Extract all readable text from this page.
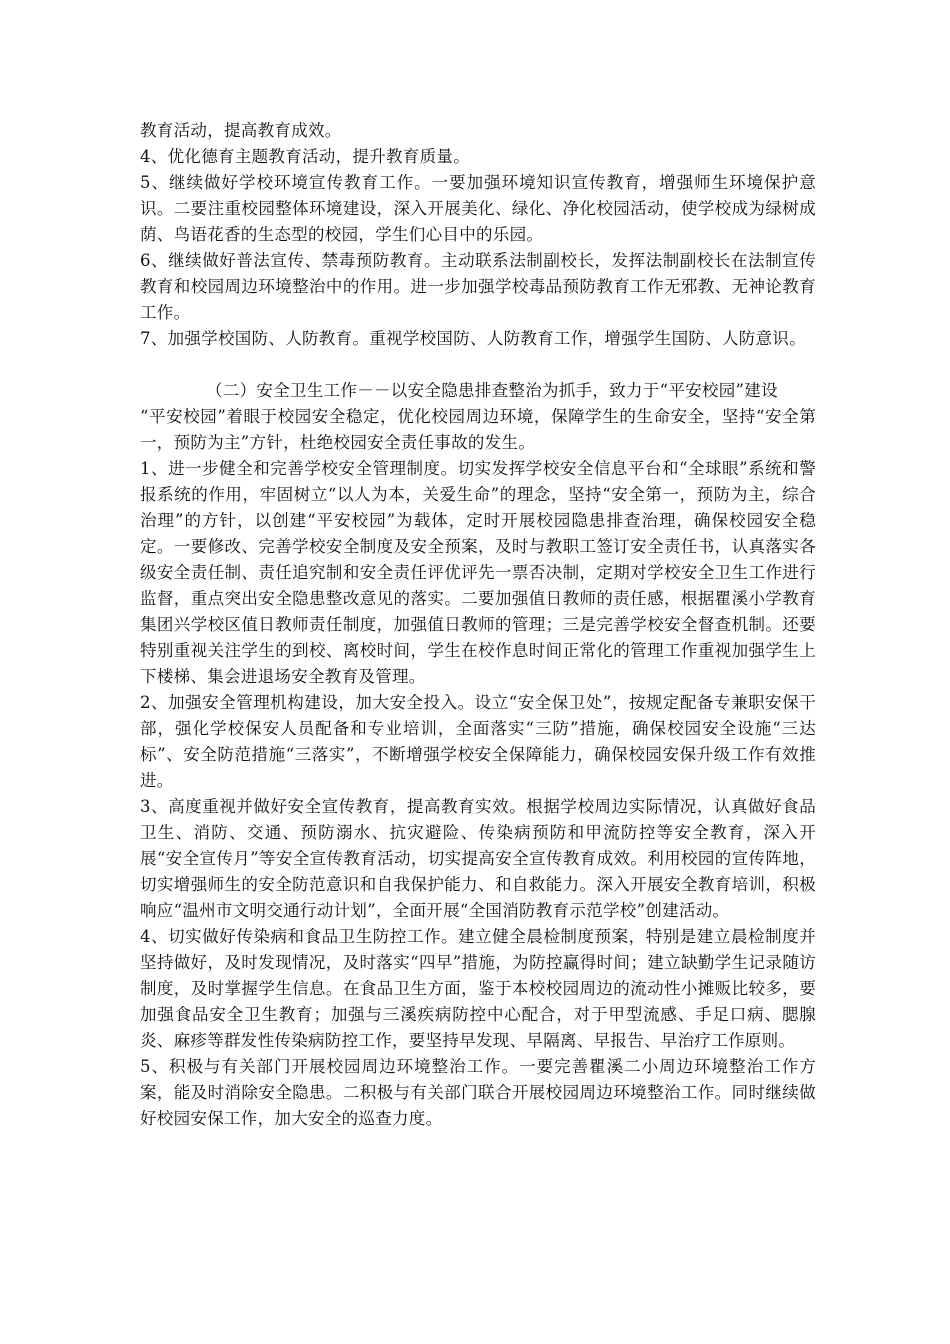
教育活动，提高教育成效。

4、优化德育主题教育活动，提升教育质量。

5、继续做好学校环境宣传教育工作。一要加强环境知识宣传教育，增强师生环境保护意识。二要注重校园整体环境建设，深入开展美化、绿化、净化校园活动，使学校成为绿树成荫、鸟语花香的生态型的校园，学生们心目中的乐园。

6、继续做好普法宣传、禁毒预防教育。主动联系法制副校长，发挥法制副校长在法制宣传教育和校园周边环境整治中的作用。进一步加强学校毒品预防教育工作无邪教、无神论教育工作。

7、加强学校国防、人防教育。重视学校国防、人防教育工作，增强学生国防、人防意识。

（二）安全卫生工作－－以安全隐患排查整治为抓手，致力于“平安校园”建设

“平安校园”着眼于校园安全稳定，优化校园周边环境，保障学生的生命安全，坚持“安全第一，预防为主”方针，杜绝校园安全责任事故的发生。

1、进一步健全和完善学校安全管理制度。切实发挥学校安全信息平台和“全球眼”系统和警报系统的作用，牢固树立“以人为本，关爱生命”的理念，坚持“安全第一，预防为主，综合治理”的方针，以创建“平安校园”为载体，定时开展校园隐患排查治理，确保校园安全稳定。一要修改、完善学校安全制度及安全预案，及时与教职工签订安全责任书，认真落实各级安全责任制、责任追究制和安全责任评优评先一票否决制，定期对学校安全卫生工作进行监督，重点突出安全隐患整改意见的落实。二要加强值日教师的责任感，根据瞿溪小学教育集团兴学校区值日教师责任制度，加强值日教师的管理；三是完善学校安全督查机制。还要特别重视关注学生的到校、离校时间，学生在校作息时间正常化的管理工作重视加强学生上下楼梯、集会进退场安全教育及管理。

2、加强安全管理机构建设，加大安全投入。设立“安全保卫处”，按规定配备专兼职安保干部，强化学校保安人员配备和专业培训，全面落实“三防”措施，确保校园安全设施“三达标”、安全防范措施“三落实”，不断增强学校安全保障能力，确保校园安保升级工作有效推进。

3、高度重视并做好安全宣传教育，提高教育实效。根据学校周边实际情况，认真做好食品卫生、消防、交通、预防溺水、抗灾避险、传染病预防和甲流防控等安全教育，深入开展“安全宣传月”等安全宣传教育活动，切实提高安全宣传教育成效。利用校园的宣传阵地，切实增强师生的安全防范意识和自我保护能力、和自救能力。深入开展安全教育培训，积极响应“温州市文明交通行动计划”，全面开展“全国消防教育示范学校”创建活动。

4、切实做好传染病和食品卫生防控工作。建立健全晨检制度预案，特别是建立晨检制度并坚持做好，及时发现情况，及时落实“四早”措施，为防控赢得时间；建立缺勤学生记录随访制度，及时掌握学生信息。在食品卫生方面，鉴于本校校园周边的流动性小摊贩比较多，要加强食品安全卫生教育；加强与三溪疾病防控中心配合，对于甲型流感、手足口病、腮腺炎、麻疹等群发性传染病防控工作，要坚持早发现、早隔离、早报告、早治疗工作原则。

5、积极与有关部门开展校园周边环境整治工作。一要完善瞿溪二小周边环境整治工作方案，能及时消除安全隐患。二积极与有关部门联合开展校园周边环境整治工作。同时继续做好校园安保工作，加大安全的巡查力度。
